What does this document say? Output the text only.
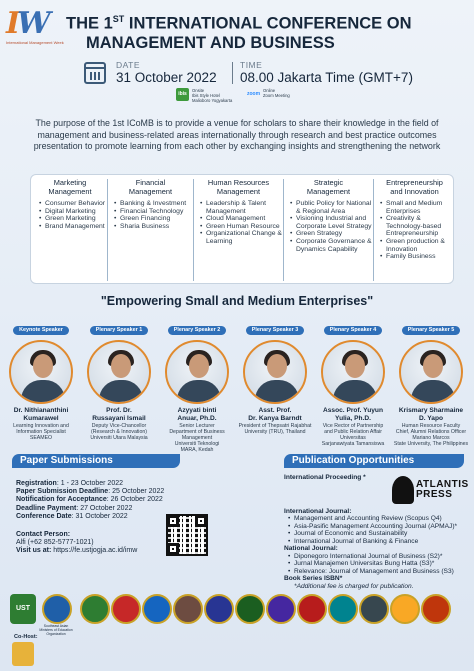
IW
International Management Week
THE 1ST INTERNATIONAL CONFERENCE ON
MANAGEMENT AND BUSINESS
DATE
31 October 2022
TIME
08.00 Jakarta Time (GMT+7)
ibis
Onsite
Ibis Style Hotel
Malioboro Yogyakarta
zoom
Online
Zoom Meeting
The purpose of the 1st ICoMB is to provide a venue for scholars to share their knowledge in the field of management and business-related areas internationally through research and best practice outcomes presentation to promote learning from each other by exchanging insights and strengthening the network
Marketing
Management
• Consumer Behavior
• Digital Marketing
• Green Marketing
• Brand Management
Financial
Management
• Banking & Investment
• Financial Technology
• Green Financing
• Sharia Business
Human Resources
Management
• Leadership & Talent Management
• Cloud Management
• Green Human Resource
• Organizational Change & Learning
Strategic
Management
• Public Policy for National & Regional Area
• Visioning Industrial and Corporate Level Strategy
• Green Strategy
• Corporate Governance & Dynamics Capability
Entrepreneurship
and Innovation
• Small and Medium Enterprises
• Creativity & Technology-based Entrepreneurship
• Green production & Innovation
• Family Business
"Empowering Small and Medium Enterprises"
Keynote Speaker
Dr. Nithiananthini
Kumarawel
Learning Innovation and
Information Specialist
SEAMEO
Plenary Speaker 1
Prof. Dr.
Russayani Ismail
Deputy Vice-Chancellor
(Research & Innovation)
Universiti Utara Malaysia
Plenary Speaker 2
Azyyati binti
Anuar, Ph.D.
Senior Lecturer
Department of Business
Management
Universiti Teknologi
MARA, Kedah
Plenary Speaker 3
Asst. Prof.
Dr. Kanya Barndt
President of Thepsatri Rajabhat
University (TRU), Thailand
Plenary Speaker 4
Assoc. Prof. Yuyun
Yulia, Ph.D.
Vice Rector of Partnership
and Public Relation Affair
Universitas
Sarjanawiyata Tamansiswa
Plenary Speaker 5
Krismary Sharmaine
D. Yapo
Human Resource Faculty
Chief, Alumni Relations Officer
Mariano Marcos
State University, The Philippines
Paper Submissions
Registration: 1 - 23 October 2022
Paper Submission Deadline: 25 October 2022
Notification for Acceptance: 26 October 2022
Deadline Payment: 27 October 2022
Conference Date: 31 October 2022
Contact Person:
Alfi (+62 852-5777-1021)
Visit us at: https://fe.ustjogja.ac.id/imw
Publication Opportunities
International Proceeding *
International Journal:
• Management and Accounting Review (Scopus Q4)
• Asia-Pasific Management Accounting Journal (APMAJ)*
• Journal of Economic and Sustainability
• International Journal of Banking & Finance
National Journal:
• Diponegoro International Journal of Business (S2)*
• Jurnal Manajemen Universitas Bung Hatta (S3)*
• Relevance: Journal of Management and Business (S3)
Book Series ISBN*
*Additional fee is charged for publication.
ATLANTIS
PRESS
UST
Southeast Asian
Ministers of Education
Organization
Co-Host:
